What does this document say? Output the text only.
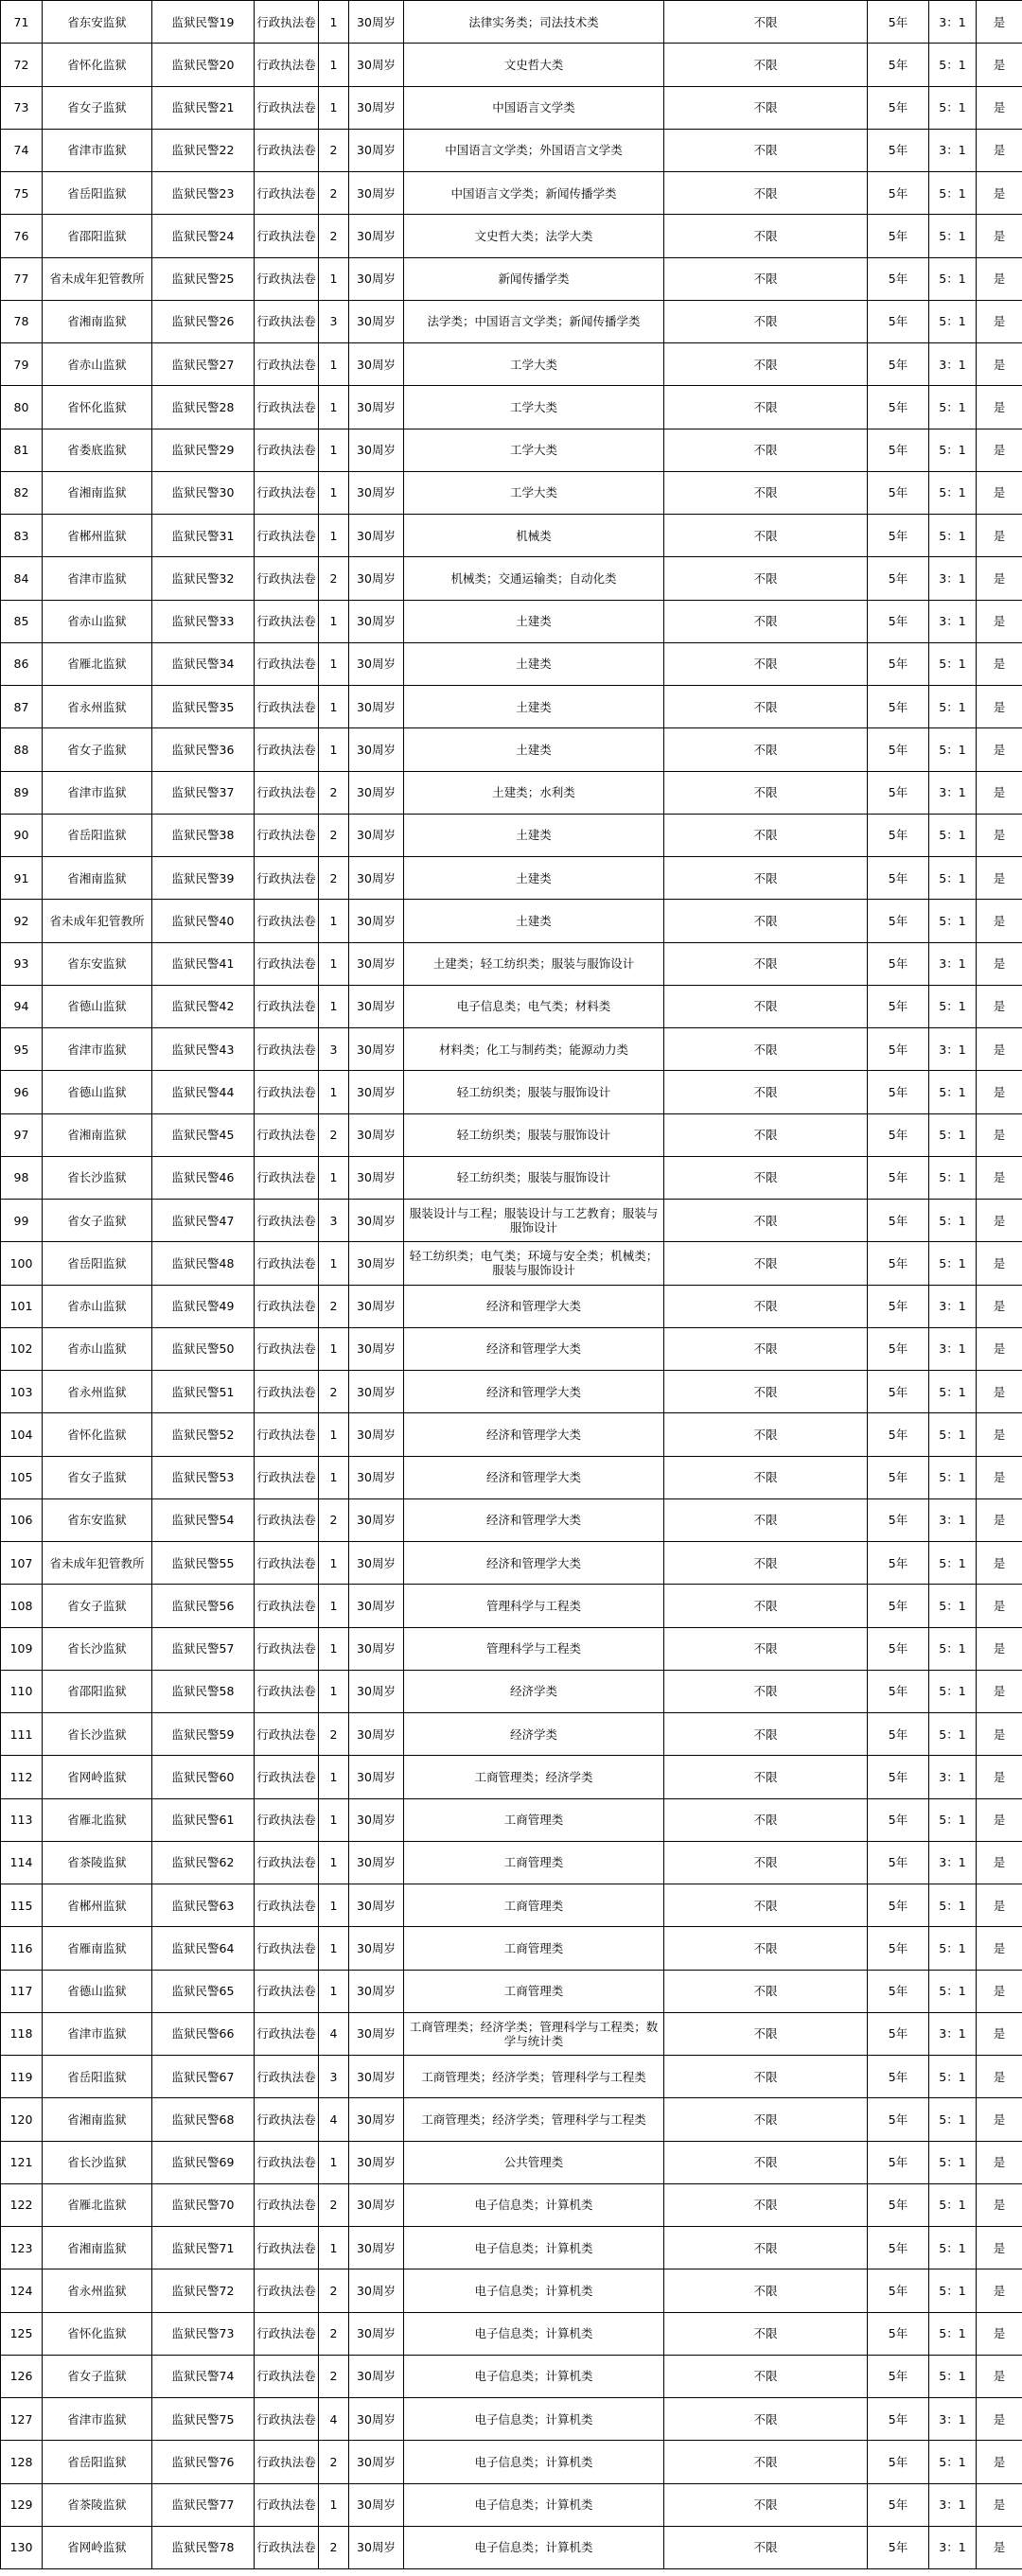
71	省东安监狱	监狱民警19	行政执法卷	1	30周岁	法律实务类；司法技术类	不限	5年	3：1	是
72	省怀化监狱	监狱民警20	行政执法卷	1	30周岁	文史哲大类	不限	5年	5：1	是
73	省女子监狱	监狱民警21	行政执法卷	1	30周岁	中国语言文学类	不限	5年	5：1	是
74	省津市监狱	监狱民警22	行政执法卷	2	30周岁	中国语言文学类；外国语言文学类	不限	5年	3：1	是
75	省岳阳监狱	监狱民警23	行政执法卷	2	30周岁	中国语言文学类；新闻传播学类	不限	5年	5：1	是
76	省邵阳监狱	监狱民警24	行政执法卷	2	30周岁	文史哲大类；法学大类	不限	5年	5：1	是
77	省未成年犯管教所	监狱民警25	行政执法卷	1	30周岁	新闻传播学类	不限	5年	5：1	是
78	省湘南监狱	监狱民警26	行政执法卷	3	30周岁	法学类；中国语言文学类；新闻传播学类	不限	5年	5：1	是
79	省赤山监狱	监狱民警27	行政执法卷	1	30周岁	工学大类	不限	5年	3：1	是
80	省怀化监狱	监狱民警28	行政执法卷	1	30周岁	工学大类	不限	5年	5：1	是
81	省娄底监狱	监狱民警29	行政执法卷	1	30周岁	工学大类	不限	5年	5：1	是
82	省湘南监狱	监狱民警30	行政执法卷	1	30周岁	工学大类	不限	5年	5：1	是
83	省郴州监狱	监狱民警31	行政执法卷	1	30周岁	机械类	不限	5年	5：1	是
84	省津市监狱	监狱民警32	行政执法卷	2	30周岁	机械类；交通运输类；自动化类	不限	5年	3：1	是
85	省赤山监狱	监狱民警33	行政执法卷	1	30周岁	土建类	不限	5年	3：1	是
86	省雁北监狱	监狱民警34	行政执法卷	1	30周岁	土建类	不限	5年	5：1	是
87	省永州监狱	监狱民警35	行政执法卷	1	30周岁	土建类	不限	5年	5：1	是
88	省女子监狱	监狱民警36	行政执法卷	1	30周岁	土建类	不限	5年	5：1	是
89	省津市监狱	监狱民警37	行政执法卷	2	30周岁	土建类；水利类	不限	5年	3：1	是
90	省岳阳监狱	监狱民警38	行政执法卷	2	30周岁	土建类	不限	5年	5：1	是
91	省湘南监狱	监狱民警39	行政执法卷	2	30周岁	土建类	不限	5年	5：1	是
92	省未成年犯管教所	监狱民警40	行政执法卷	1	30周岁	土建类	不限	5年	5：1	是
93	省东安监狱	监狱民警41	行政执法卷	1	30周岁	土建类；轻工纺织类；服装与服饰设计	不限	5年	3：1	是
94	省德山监狱	监狱民警42	行政执法卷	1	30周岁	电子信息类；电气类；材料类	不限	5年	5：1	是
95	省津市监狱	监狱民警43	行政执法卷	3	30周岁	材料类；化工与制药类；能源动力类	不限	5年	3：1	是
96	省德山监狱	监狱民警44	行政执法卷	1	30周岁	轻工纺织类；服装与服饰设计	不限	5年	5：1	是
97	省湘南监狱	监狱民警45	行政执法卷	2	30周岁	轻工纺织类；服装与服饰设计	不限	5年	5：1	是
98	省长沙监狱	监狱民警46	行政执法卷	1	30周岁	轻工纺织类；服装与服饰设计	不限	5年	5：1	是
99	省女子监狱	监狱民警47	行政执法卷	3	30周岁	服装设计与工程；服装设计与工艺教育；服装与服饰设计	不限	5年	5：1	是
100	省岳阳监狱	监狱民警48	行政执法卷	1	30周岁	轻工纺织类；电气类；环境与安全类；机械类；服装与服饰设计	不限	5年	5：1	是
101	省赤山监狱	监狱民警49	行政执法卷	2	30周岁	经济和管理学大类	不限	5年	3：1	是
102	省赤山监狱	监狱民警50	行政执法卷	1	30周岁	经济和管理学大类	不限	5年	3：1	是
103	省永州监狱	监狱民警51	行政执法卷	2	30周岁	经济和管理学大类	不限	5年	5：1	是
104	省怀化监狱	监狱民警52	行政执法卷	1	30周岁	经济和管理学大类	不限	5年	5：1	是
105	省女子监狱	监狱民警53	行政执法卷	1	30周岁	经济和管理学大类	不限	5年	5：1	是
106	省东安监狱	监狱民警54	行政执法卷	2	30周岁	经济和管理学大类	不限	5年	3：1	是
107	省未成年犯管教所	监狱民警55	行政执法卷	1	30周岁	经济和管理学大类	不限	5年	5：1	是
108	省女子监狱	监狱民警56	行政执法卷	1	30周岁	管理科学与工程类	不限	5年	5：1	是
109	省长沙监狱	监狱民警57	行政执法卷	1	30周岁	管理科学与工程类	不限	5年	5：1	是
110	省邵阳监狱	监狱民警58	行政执法卷	1	30周岁	经济学类	不限	5年	5：1	是
111	省长沙监狱	监狱民警59	行政执法卷	2	30周岁	经济学类	不限	5年	5：1	是
112	省网岭监狱	监狱民警60	行政执法卷	1	30周岁	工商管理类；经济学类	不限	5年	3：1	是
113	省雁北监狱	监狱民警61	行政执法卷	1	30周岁	工商管理类	不限	5年	5：1	是
114	省茶陵监狱	监狱民警62	行政执法卷	1	30周岁	工商管理类	不限	5年	3：1	是
115	省郴州监狱	监狱民警63	行政执法卷	1	30周岁	工商管理类	不限	5年	5：1	是
116	省雁南监狱	监狱民警64	行政执法卷	1	30周岁	工商管理类	不限	5年	5：1	是
117	省德山监狱	监狱民警65	行政执法卷	1	30周岁	工商管理类	不限	5年	5：1	是
118	省津市监狱	监狱民警66	行政执法卷	4	30周岁	工商管理类；经济学类；管理科学与工程类；数学与统计类	不限	5年	3：1	是
119	省岳阳监狱	监狱民警67	行政执法卷	3	30周岁	工商管理类；经济学类；管理科学与工程类	不限	5年	5：1	是
120	省湘南监狱	监狱民警68	行政执法卷	4	30周岁	工商管理类；经济学类；管理科学与工程类	不限	5年	5：1	是
121	省长沙监狱	监狱民警69	行政执法卷	1	30周岁	公共管理类	不限	5年	5：1	是
122	省雁北监狱	监狱民警70	行政执法卷	2	30周岁	电子信息类；计算机类	不限	5年	5：1	是
123	省湘南监狱	监狱民警71	行政执法卷	1	30周岁	电子信息类；计算机类	不限	5年	5：1	是
124	省永州监狱	监狱民警72	行政执法卷	2	30周岁	电子信息类；计算机类	不限	5年	5：1	是
125	省怀化监狱	监狱民警73	行政执法卷	2	30周岁	电子信息类；计算机类	不限	5年	5：1	是
126	省女子监狱	监狱民警74	行政执法卷	2	30周岁	电子信息类；计算机类	不限	5年	5：1	是
127	省津市监狱	监狱民警75	行政执法卷	4	30周岁	电子信息类；计算机类	不限	5年	3：1	是
128	省岳阳监狱	监狱民警76	行政执法卷	2	30周岁	电子信息类；计算机类	不限	5年	5：1	是
129	省茶陵监狱	监狱民警77	行政执法卷	1	30周岁	电子信息类；计算机类	不限	5年	3：1	是
130	省网岭监狱	监狱民警78	行政执法卷	2	30周岁	电子信息类；计算机类	不限	5年	3：1	是
